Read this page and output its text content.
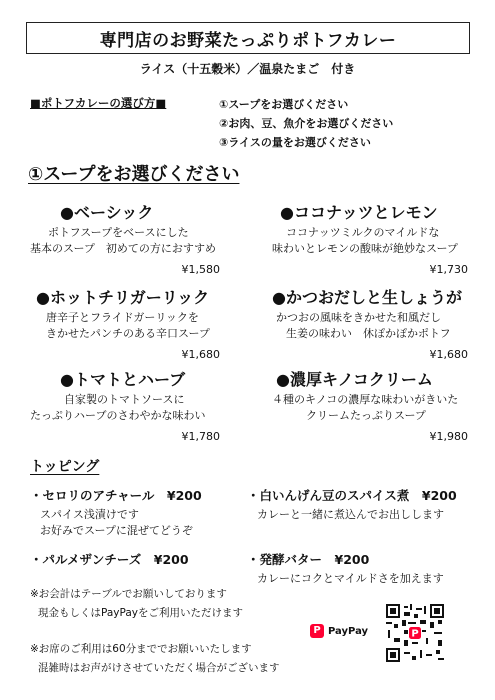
専門店のお野菜たっぷりポトフカレー
ライス（十五穀米）／温泉たまご　付き
■ポトフカレーの選び方■	①スープをお選びください
②お肉、豆、魚介をお選びください
③ライスの量をお選びください
①スープをお選びください
●ベーシック
ポトフスープをベースにした
基本のスープ　初めての方におすすめ
¥1,580
●ココナッツとレモン
ココナッツミルクのマイルドな
味わいとレモンの酸味が絶妙なスープ
¥1,730
●ホットチリガーリック
唐辛子とフライドガーリックを
きかせたパンチのある辛口スープ
¥1,680
●かつおだしと生しょうが
かつおの風味をきかせた和風だし
生姜の味わい　休ぽかぽかポトフ
¥1,680
●トマトとハーブ
自家製のトマトソースに
たっぷりハーブのさわやかな味わい
¥1,780
●濃厚キノコクリーム
４種のキノコの濃厚な味わいがきいた
クリームたっぷりスープ
¥1,980
トッピング
・セロリのアチャール　¥200
スパイス浅漬けです
お好みでスープに混ぜてどうぞ
・白いんげん豆のスパイス煮　¥200
カレーと一緒に煮込んでお出しします
・パルメザンチーズ　¥200	・発酵バター　¥200
カレーにコクとマイルドさを加えます
※お会計はテーブルでお願いしております
現金もしくはPayPayをご利用いただけます
※お席のご利用は60分まででお願いいたします
混雑時はお声がけさせていただく場合がございます
P PayPay	P
